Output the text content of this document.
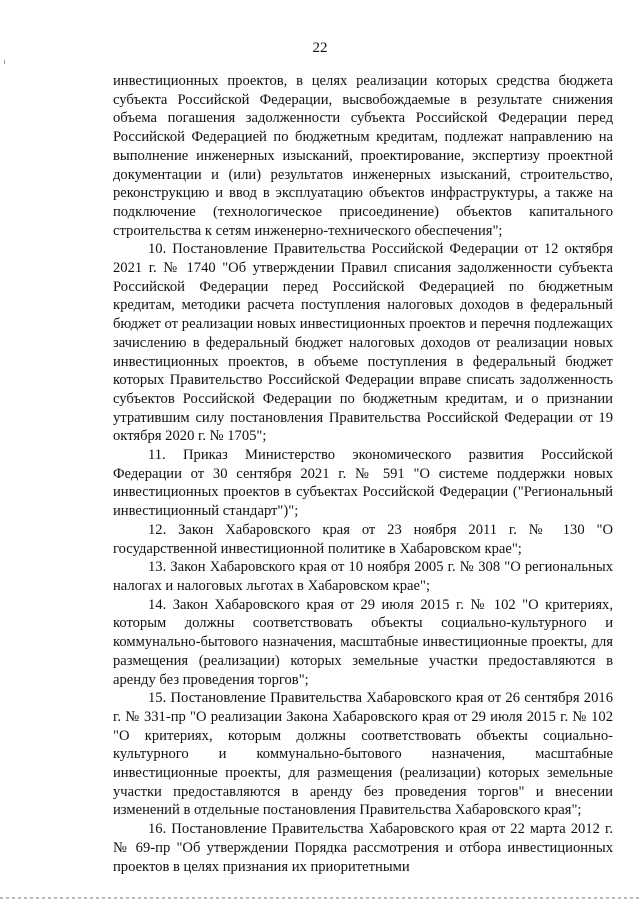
22

инвестиционных проектов, в целях реализации которых средства бюджета субъекта Российской Федерации, высвобождаемые в результате снижения объема погашения задолженности субъекта Российской Федерации перед Российской Федерацией по бюджетным кредитам, подлежат направлению на выполнение инженерных изысканий, проектирование, экспертизу проектной документации и (или) результатов инженерных изысканий, строительство, реконструкцию и ввод в эксплуатацию объектов инфраструктуры, а также на подключение (технологическое присоединение) объектов капитального строительства к сетям инженерно-технического обеспечения";

10. Постановление Правительства Российской Федерации от 12 октября 2021 г. № 1740 "Об утверждении Правил списания задолженности субъекта Российской Федерации перед Российской Федерацией по бюджетным кредитам, методики расчета поступления налоговых доходов в федеральный бюджет от реализации новых инвестиционных проектов и перечня подлежащих зачислению в федеральный бюджет налоговых доходов от реализации новых инвестиционных проектов, в объеме поступления в федеральный бюджет которых Правительство Российской Федерации вправе списать задолженность субъектов Российской Федерации по бюджетным кредитам, и о признании утратившим силу постановления Правительства Российской Федерации от 19 октября 2020 г. № 1705";

11. Приказ Министерство экономического развития Российской Федерации от 30 сентября 2021 г. № 591 "О системе поддержки новых инвестиционных проектов в субъектах Российской Федерации ("Региональный инвестиционный стандарт")";

12. Закон Хабаровского края от 23 ноября 2011 г. № 130 "О государственной инвестиционной политике в Хабаровском крае";

13. Закон Хабаровского края от 10 ноября 2005 г. № 308 "О региональных налогах и налоговых льготах в Хабаровском крае";

14. Закон Хабаровского края от 29 июля 2015 г. № 102 "О критериях, которым должны соответствовать объекты социально-культурного и коммунально-бытового назначения, масштабные инвестиционные проекты, для размещения (реализации) которых земельные участки предоставляются в аренду без проведения торгов";

15. Постановление Правительства Хабаровского края от 26 сентября 2016 г. № 331-пр "О реализации Закона Хабаровского края от 29 июля 2015 г. № 102 "О критериях, которым должны соответствовать объекты социально-культурного и коммунально-бытового назначения, масштабные инвестиционные проекты, для размещения (реализации) которых земельные участки предоставляются в аренду без проведения торгов" и внесении изменений в отдельные постановления Правительства Хабаровского края";

16. Постановление Правительства Хабаровского края от 22 марта 2012 г. № 69-пр "Об утверждении Порядка рассмотрения и отбора инвестиционных проектов в целях признания их приоритетными
